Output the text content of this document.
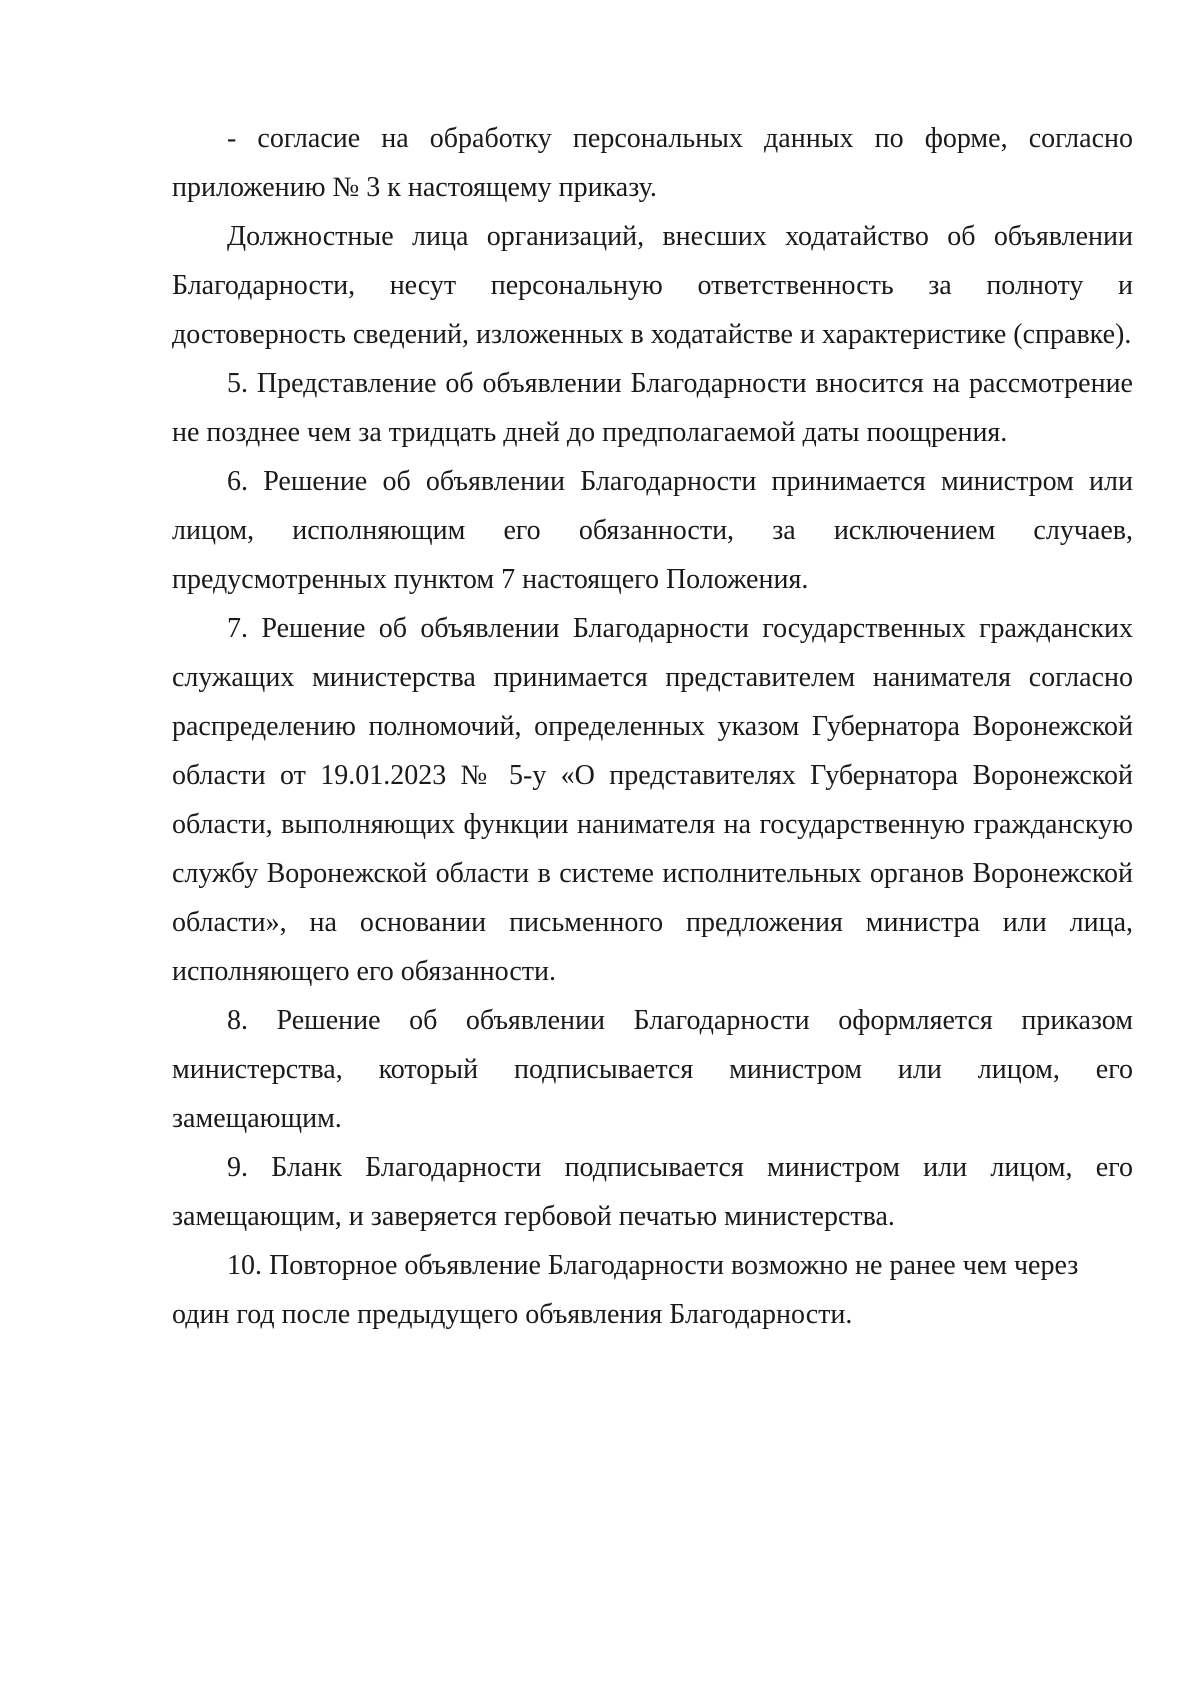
- согласие на обработку персональных данных по форме, согласно приложению № 3 к настоящему приказу.

Должностные лица организаций, внесших ходатайство об объявлении Благодарности, несут персональную ответственность за полноту и достоверность сведений, изложенных в ходатайстве и характеристике (справке).

5. Представление об объявлении Благодарности вносится на рассмотрение не позднее чем за тридцать дней до предполагаемой даты поощрения.

6. Решение об объявлении Благодарности принимается министром или лицом, исполняющим его обязанности, за исключением случаев, предусмотренных пунктом 7 настоящего Положения.

7. Решение об объявлении Благодарности государственных гражданских служащих министерства принимается представителем нанимателя согласно распределению полномочий, определенных указом Губернатора Воронежской области от 19.01.2023 № 5-у «О представителях Губернатора Воронежской области, выполняющих функции нанимателя на государственную гражданскую службу Воронежской области в системе исполнительных органов Воронежской области», на основании письменного предложения министра или лица, исполняющего его обязанности.

8. Решение об объявлении Благодарности оформляется приказом министерства, который подписывается министром или лицом, его замещающим.

9. Бланк Благодарности подписывается министром или лицом, его замещающим, и заверяется гербовой печатью министерства.

10. Повторное объявление Благодарности возможно не ранее чем через один год после предыдущего объявления Благодарности.
